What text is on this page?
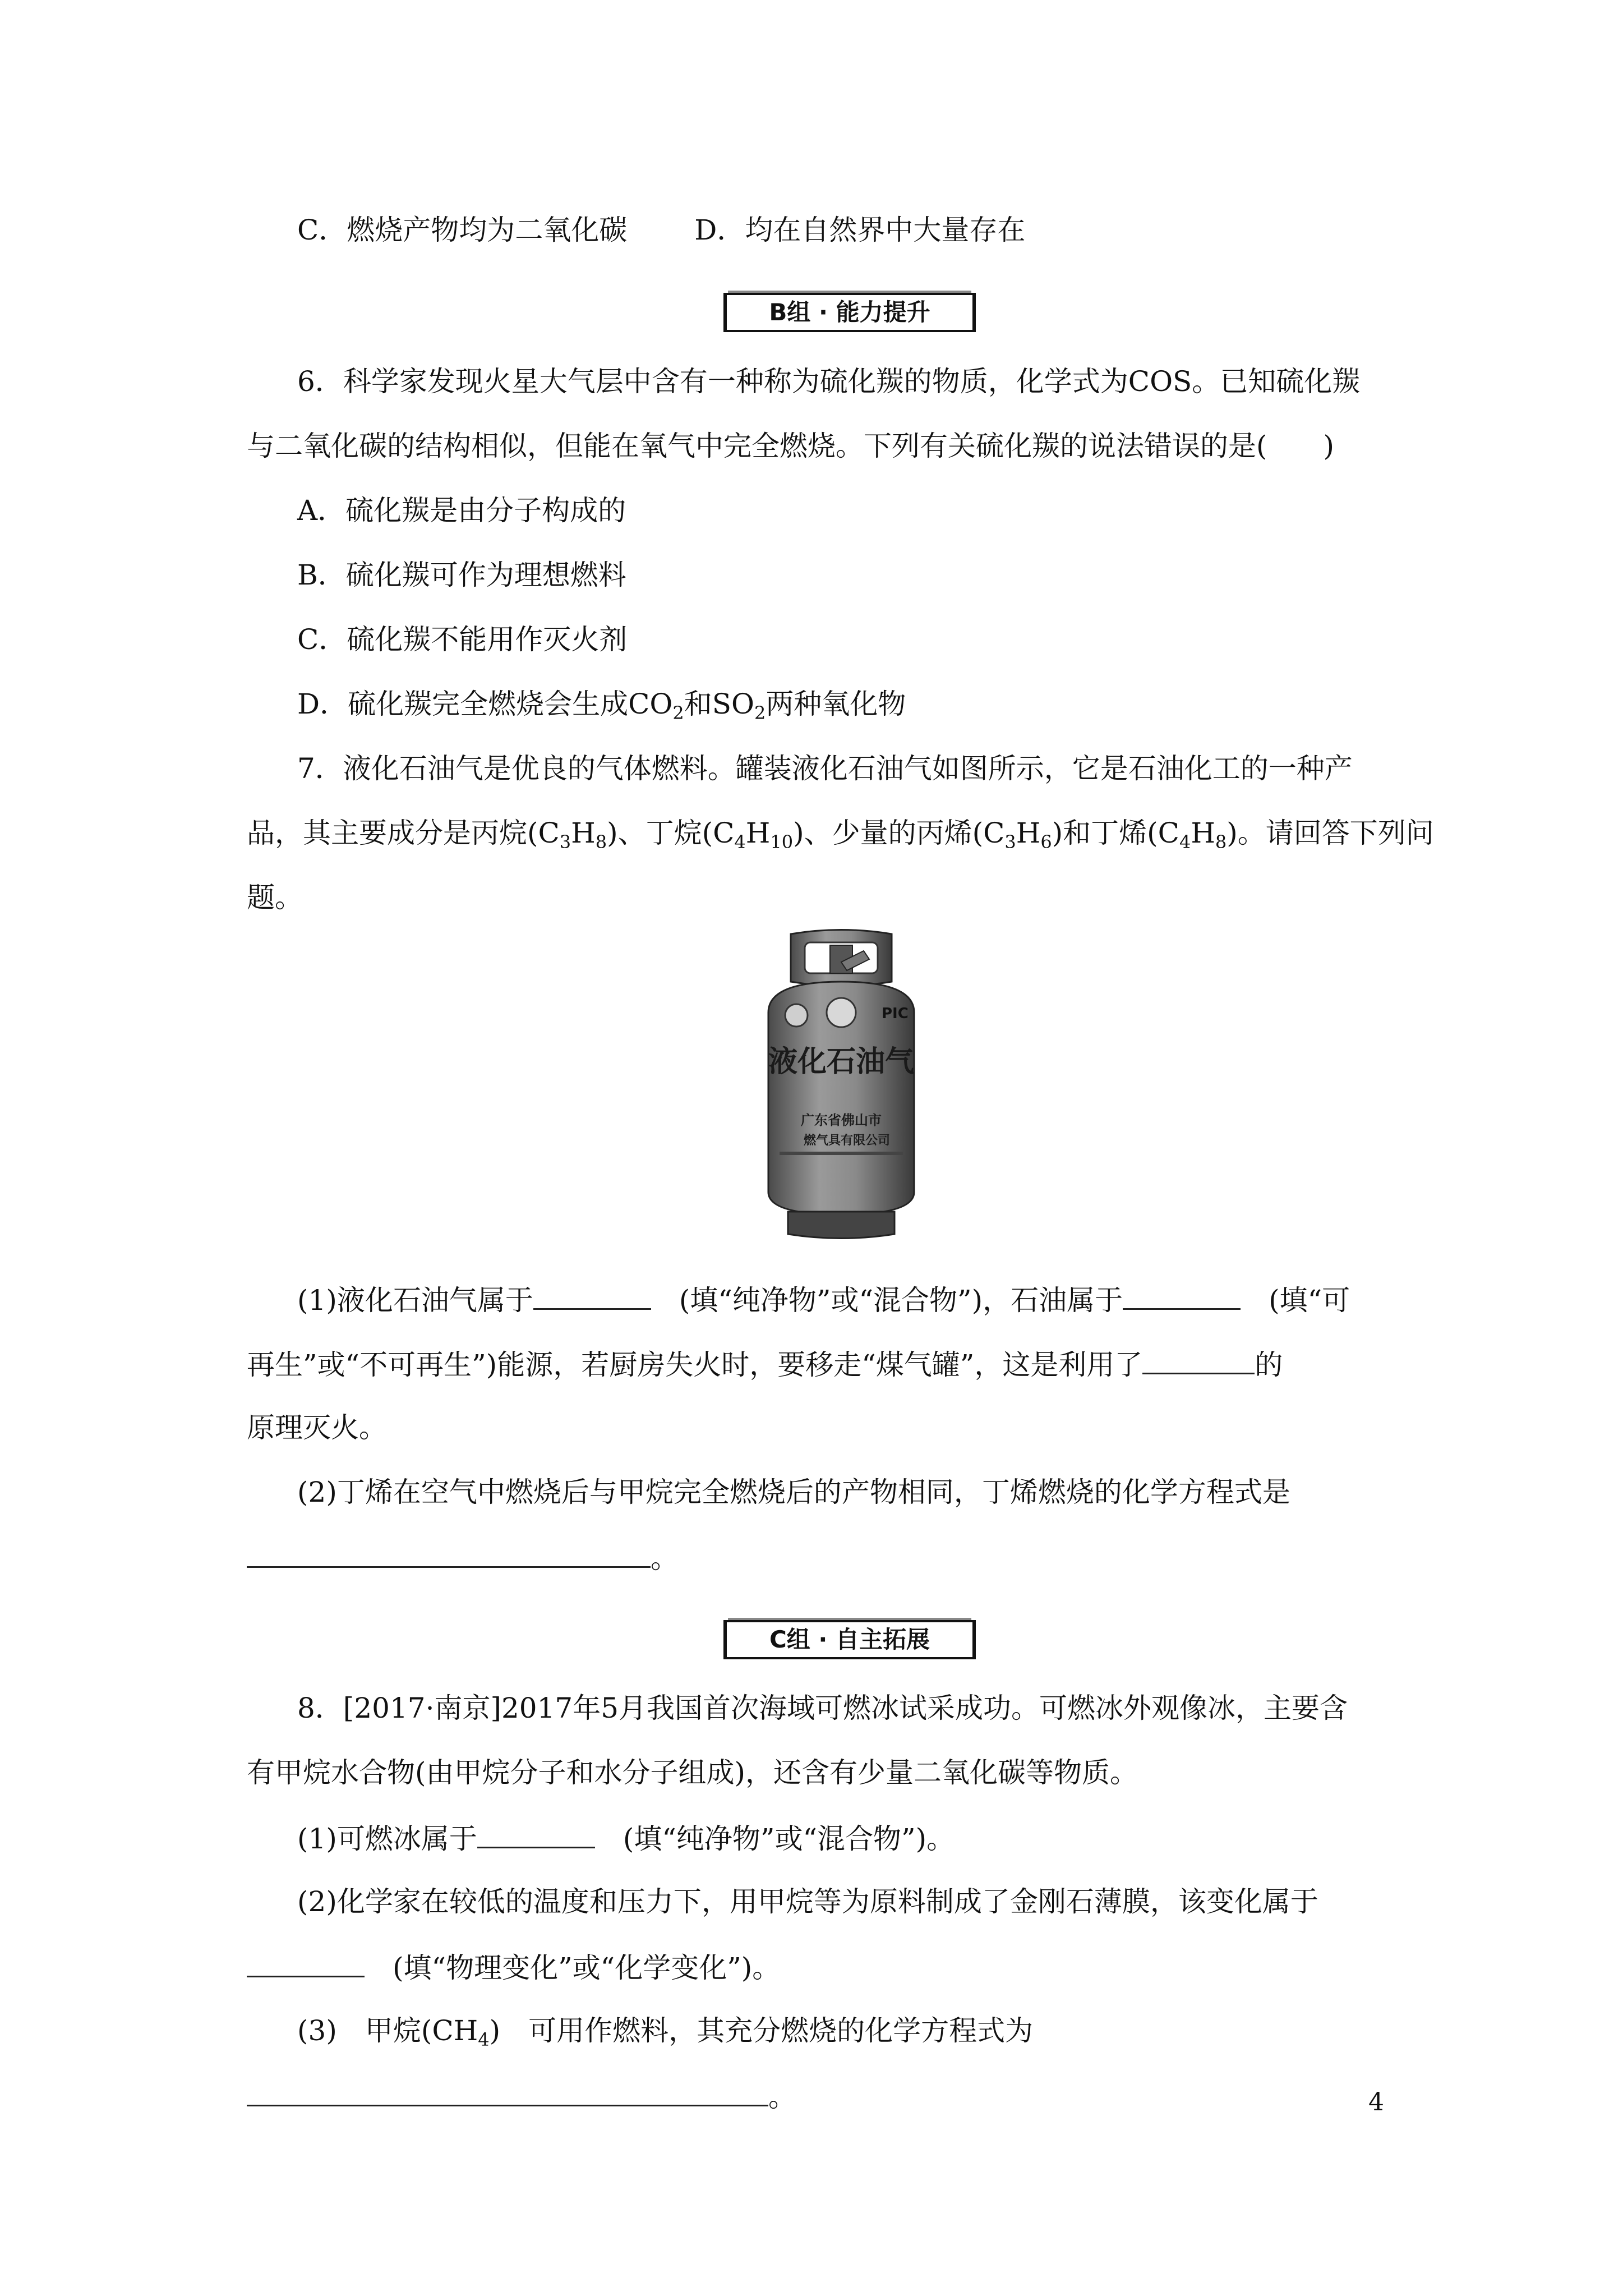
C．燃烧产物均为二氧化碳 D．均在自然界中大量存在
B组 · 能力提升
6．科学家发现火星大气层中含有一种称为硫化羰的物质，化学式为COS。已知硫化羰
与二氧化碳的结构相似，但能在氧气中完全燃烧。下列有关硫化羰的说法错误的是(　　)
A．硫化羰是由分子构成的
B．硫化羰可作为理想燃料
C．硫化羰不能用作灭火剂
D．硫化羰完全燃烧会生成$CO_2$和$SO_2$两种氧化物
7．液化石油气是优良的气体燃料。罐装液化石油气如图所示，它是石油化工的一种产
品，其主要成分是丙烷$(C_3H_8)$、丁烷$(C_4H_{10})$、少量的丙烯$(C_3H_6)$和丁烯$(C_4H_8)$。请回答下列问
题。
PIC
液化石油气
广东省佛山市
燃气具有限公司
(1)液化石油气属于　	(填“纯净物”或“混合物”)，石油属于　	(填“可
再生”或“不可再生”)能源，若厨房失火时，要移走“煤气罐”，这是利用了	的
原理灭火。
(2)丁烯在空气中燃烧后与甲烷完全燃烧后的产物相同，丁烯燃烧的化学方程式是
。
C组 · 自主拓展
8．[2017·南京]2017年5月我国首次海域可燃冰试采成功。可燃冰外观像冰，主要含
有甲烷水合物(由甲烷分子和水分子组成)，还含有少量二氧化碳等物质。
(1)可燃冰属于　	(填“纯净物”或“混合物”)。
(2)化学家在较低的温度和压力下，用甲烷等为原料制成了金刚石薄膜，该变化属于
　(填“物理变化”或“化学变化”)。
(3)　甲烷$(CH_4)$　可用作燃料，其充分燃烧的化学方程式为
。	4
